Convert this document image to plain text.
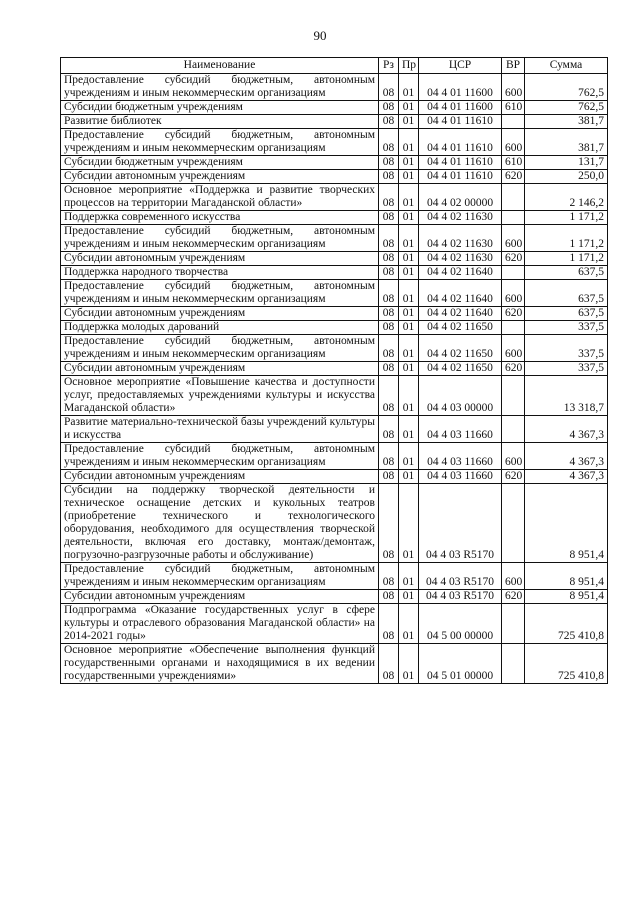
90
Наименование	Рз	Пр	ЦСР	ВР	Сумма
Предоставление субсидий бюджетным, автономным учреждениям и иным некоммерческим организациям	08	01	04 4 01 11600	600	762,5
Субсидии бюджетным учреждениям	08	01	04 4 01 11600	610	762,5
Развитие библиотек	08	01	04 4 01 11610		381,7
Предоставление субсидий бюджетным, автономным учреждениям и иным некоммерческим организациям	08	01	04 4 01 11610	600	381,7
Субсидии бюджетным учреждениям	08	01	04 4 01 11610	610	131,7
Субсидии автономным учреждениям	08	01	04 4 01 11610	620	250,0
Основное мероприятие «Поддержка и развитие творческих процессов на территории Магаданской области»	08	01	04 4 02 00000		2 146,2
Поддержка современного искусства	08	01	04 4 02 11630		1 171,2
Предоставление субсидий бюджетным, автономным учреждениям и иным некоммерческим организациям	08	01	04 4 02 11630	600	1 171,2
Субсидии автономным учреждениям	08	01	04 4 02 11630	620	1 171,2
Поддержка народного творчества	08	01	04 4 02 11640		637,5
Предоставление субсидий бюджетным, автономным учреждениям и иным некоммерческим организациям	08	01	04 4 02 11640	600	637,5
Субсидии автономным учреждениям	08	01	04 4 02 11640	620	637,5
Поддержка молодых дарований	08	01	04 4 02 11650		337,5
Предоставление субсидий бюджетным, автономным учреждениям и иным некоммерческим организациям	08	01	04 4 02 11650	600	337,5
Субсидии автономным учреждениям	08	01	04 4 02 11650	620	337,5
Основное мероприятие «Повышение качества и доступности услуг, предоставляемых учреждениями культуры и искусства Магаданской области»	08	01	04 4 03 00000		13 318,7
Развитие материально-технической базы учреждений культуры и искусства	08	01	04 4 03 11660		4 367,3
Предоставление субсидий бюджетным, автономным учреждениям и иным некоммерческим организациям	08	01	04 4 03 11660	600	4 367,3
Субсидии автономным учреждениям	08	01	04 4 03 11660	620	4 367,3
Субсидии на поддержку творческой деятельности и техническое оснащение детских и кукольных театров (приобретение технического и технологического оборудования, необходимого для осуществления творческой деятельности, включая его доставку, монтаж/демонтаж, погрузочно-разгрузочные работы и обслуживание)	08	01	04 4 03 R5170		8 951,4
Предоставление субсидий бюджетным, автономным учреждениям и иным некоммерческим организациям	08	01	04 4 03 R5170	600	8 951,4
Субсидии автономным учреждениям	08	01	04 4 03 R5170	620	8 951,4
Подпрограмма «Оказание государственных услуг в сфере культуры и отраслевого образования Магаданской области» на 2014-2021 годы»	08	01	04 5 00 00000		725 410,8
Основное мероприятие «Обеспечение выполнения функций государственными органами и находящимися в их ведении государственными учреждениями»	08	01	04 5 01 00000		725 410,8
